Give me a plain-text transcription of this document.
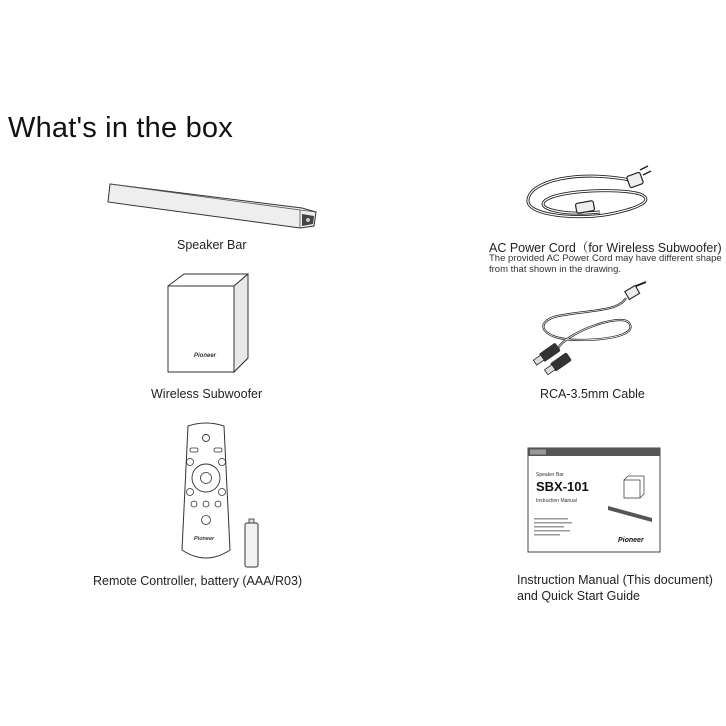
What's in the box
Speaker Bar	AC Power Cord（for Wireless Subwoofer)
The provided AC Power Cord may have different shape
from that shown in the drawing.
Pioneer
Wireless Subwoofer	RCA-3.5mm Cable
Pioneer
Remote Controller, battery (AAA/R03)
Speaker Bar
SBX-101
Instruction Manual
Pioneer
Instruction Manual (This document)
and Quick Start Guide
